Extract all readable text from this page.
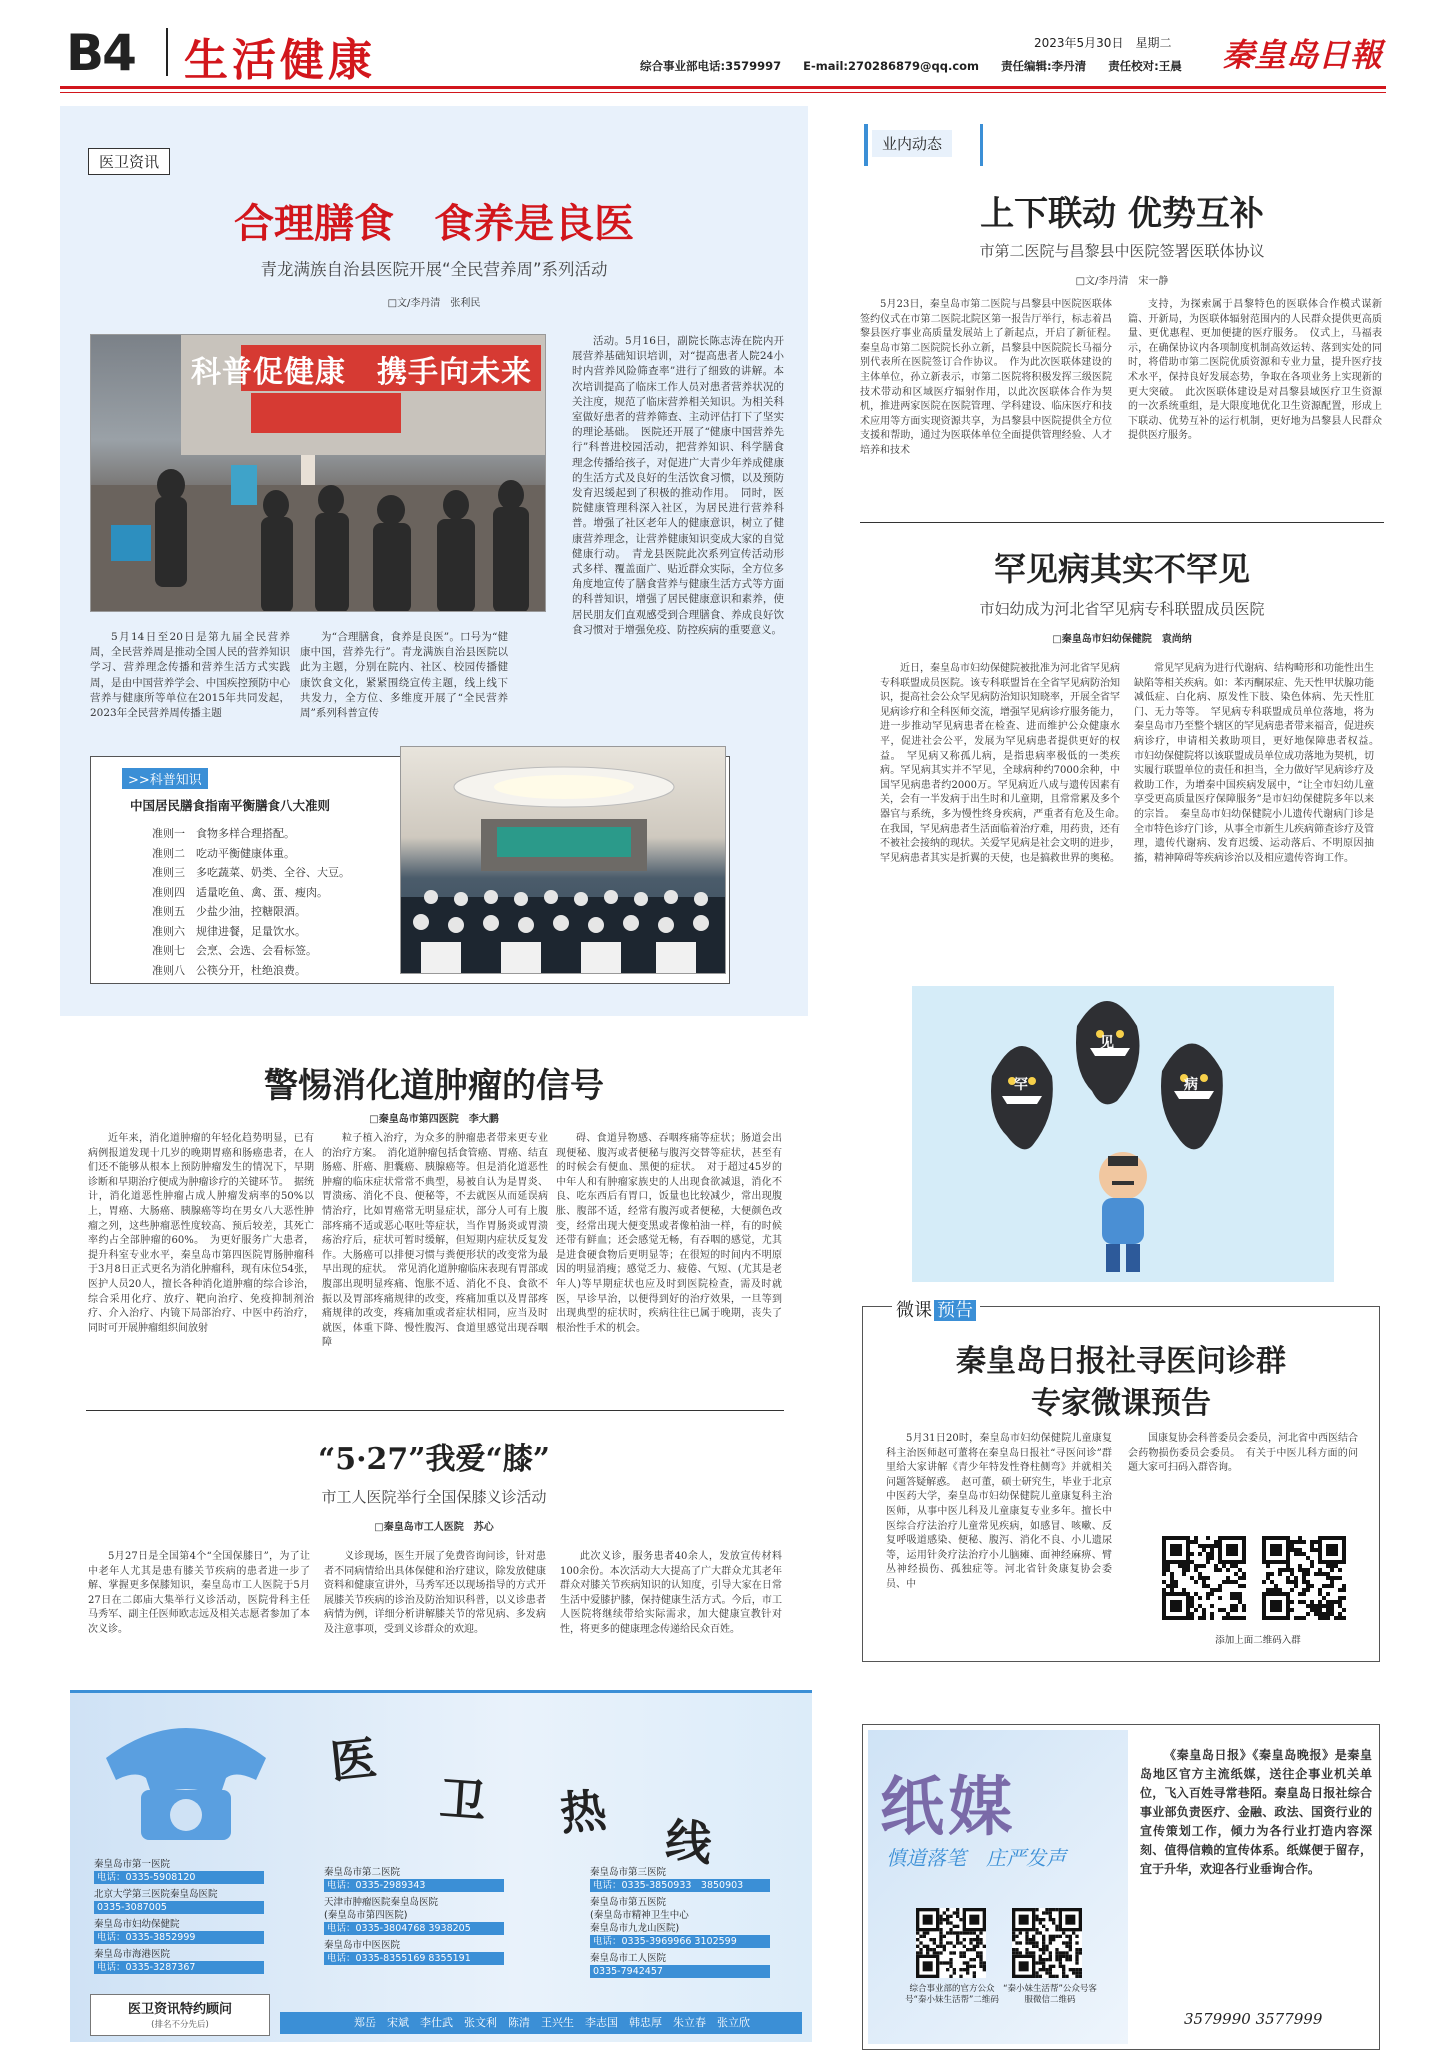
B4 生活健康	2023年5月30日　星期二
综合事业部电话:3579997 E-mail:270286879@qq.com 责任编辑:李丹清 责任校对:王晨	秦皇岛日報
医卫资讯
合理膳食　食养是良医
青龙满族自治县医院开展“全民营养周”系列活动
□文/李丹清　张利民
科普促健康　携手向未来
活动。5月16日，副院长陈志涛在院内开展营养基础知识培训，对“提高患者人院24小时内营养风险筛查率”进行了细致的讲解。本次培训提高了临床工作人员对患者营养状况的关注度，规范了临床营养相关知识。为相关科室做好患者的营养筛查、主动评估打下了坚实的理论基础。　医院还开展了“健康中国营养先行”科普进校园活动，把营养知识、科学膳食理念传播给孩子，对促进广大青少年养成健康的生活方式及良好的生活饮食习惯，以及预防发育迟缓起到了积极的推动作用。　同时，医院健康管理科深入社区，为居民进行营养科普。增强了社区老年人的健康意识，树立了健康营养理念，让营养健康知识变成大家的自觉健康行动。　青龙县医院此次系列宣传活动形式多样、覆盖面广、贴近群众实际，全方位多角度地宣传了膳食营养与健康生活方式等方面的科普知识，增强了居民健康意识和素养，使居民朋友们直观感受到合理膳食、养成良好饮食习惯对于增强免疫、防控疾病的重要意义。
5月14日至20日是第九届全民营养周，全民营养周是推动全国人民的营养知识学习、营养理念传播和营养生活方式实践周，是由中国营养学会、中国疾控预防中心营养与健康所等单位在2015年共同发起，2023年全民营养周传播主题
为“合理膳食，食养是良医”。口号为“健康中国，营养先行”。青龙满族自治县医院以此为主题，分别在院内、社区、校园传播健康饮食文化，紧紧围绕宣传主题，线上线下共发力，全方位、多维度开展了“全民营养周”系列科普宣传
>>科普知识
中国居民膳食指南平衡膳食八大准则
准则一　食物多样合理搭配。
准则二　吃动平衡健康体重。
准则三　多吃蔬菜、奶类、全谷、大豆。
准则四　适量吃鱼、禽、蛋、瘦肉。
准则五　少盐少油，控糖限酒。
准则六　规律进餐，足量饮水。
准则七　会烹、会选、会看标签。
准则八　公筷分开，杜绝浪费。
业内动态
上下联动 优势互补
市第二医院与昌黎县中医院签署医联体协议
□文/李丹清　宋一静
5月23日，秦皇岛市第二医院与昌黎县中医院医联体签约仪式在市第二医院北院区第一报告厅举行，标志着昌黎县医疗事业高质量发展站上了新起点，开启了新征程。　秦皇岛市第二医院院长孙立新，昌黎县中医院院长马福分别代表所在医院签订合作协议。　作为此次医联体建设的主体单位，孙立新表示，市第二医院将积极发挥三级医院技术带动和区域医疗辐射作用，以此次医联体合作为契机，推进两家医院在医院管理、学科建设、临床医疗和技术应用等方面实现资源共享，为昌黎县中医院提供全方位支援和帮助，通过为医联体单位全面提供管理经验、人才培养和技术
支持，为探索属于昌黎特色的医联体合作模式谋新篇、开新局，为医联体辐射范围内的人民群众提供更高质量、更优惠程、更加便捷的医疗服务。　仪式上，马福表示，在确保协议内各项制度机制高效运转、落到实处的同时，将借助市第二医院优质资源和专业力量，提升医疗技术水平，保持良好发展态势，争取在各项业务上实现新的更大突破。　此次医联体建设是对昌黎县域医疗卫生资源的一次系统重组，是大限度地优化卫生资源配置，形成上下联动、优势互补的运行机制，更好地为昌黎县人民群众提供医疗服务。
罕见病其实不罕见
市妇幼成为河北省罕见病专科联盟成员医院
□秦皇岛市妇幼保健院　袁尚纳
近日，秦皇岛市妇幼保健院被批准为河北省罕见病专科联盟成员医院。该专科联盟旨在全省罕见病防治知识，提高社会公众罕见病防治知识知晓率，开展全省罕见病诊疗和全科医师交流，增强罕见病诊疗服务能力，进一步推动罕见病患者在检查、进而维护公众健康水平，促进社会公平，发展为罕见病患者提供更好的权益。　罕见病又称孤儿病，是指患病率极低的一类疾病。罕见病其实并不罕见，全球病种约7000余种，中国罕见病患者约2000万。罕见病近八成与遗传因素有关，会有一半发病于出生时和儿童期，且常常累及多个器官与系统，多为慢性终身疾病，严重者有危及生命。　在我国，罕见病患者生活面临着治疗难，用药贵，还有不被社会接纳的现状。关爱罕见病是社会文明的进步，罕见病患者其实是折翼的天使，也是搞救世界的奥秘。
常见罕见病为进行代谢病、结构畸形和功能性出生缺陷等相关疾病。如：苯丙酮尿症、先天性甲状腺功能减低症、白化病、原发性下肢、染色体病、先天性肛门、无力等等。　罕见病专科联盟成员单位落地，将为秦皇岛市乃至整个辖区的罕见病患者带来福音，促进疾病诊疗，申请相关救助项目，更好地保障患者权益。　市妇幼保健院将以该联盟成员单位成功落地为契机，切实履行联盟单位的责任和担当，全力做好罕见病诊疗及救助工作，为增秦中国疾病发展中，“让全市妇幼儿童享受更高质量医疗保障服务”是市妇幼保健院多年以来的宗旨。　秦皇岛市妇幼保健院小儿遗传代谢病门诊是全市特色诊疗门诊，从事全市新生儿疾病筛查诊疗及管理，遗传代谢病、发育迟缓、运动落后、不明原因抽搐，精神障碍等疾病诊治以及相应遗传咨询工作。
罕
见
病
警惕消化道肿瘤的信号
□秦皇岛市第四医院　李大鹏
近年来，消化道肿瘤的年轻化趋势明显，已有病例报道发现十几岁的晚期胃癌和肠癌患者，在人们还不能够从根本上预防肿瘤发生的情况下，早期诊断和早期治疗便成为肿瘤诊疗的关键环节。　据统计，消化道恶性肿瘤占成人肿瘤发病率的50%以上，胃癌、大肠癌、胰腺癌等均在男女八大恶性肿瘤之列，这些肿瘤恶性度较高、预后较差，其死亡率约占全部肿瘤的60%。　为更好服务广大患者，提升科室专业水平，秦皇岛市第四医院胃肠肿瘤科于3月8日正式更名为消化肿瘤科，现有床位54张，医护人员20人，擅长各种消化道肿瘤的综合诊治，综合采用化疗、放疗、靶向治疗、免疫抑制剂治疗、介入治疗、内镜下局部治疗、中医中药治疗，同时可开展肿瘤组织间放射
粒子植入治疗，为众多的肿瘤患者带来更专业的治疗方案。　消化道肿瘤包括食管癌、胃癌、结直肠癌、肝癌、胆囊癌、胰腺癌等。但是消化道恶性肿瘤的临床症状常常不典型，易被自认为是胃炎、胃溃疡、消化不良、便秘等，不去就医从而延误病情治疗，比如胃癌常无明显症状，部分人可有上腹部疼痛不适或恶心呕吐等症状，当作胃肠炎或胃溃疡治疗后，症状可暂时缓解，但短期内症状反复发作。大肠癌可以排便习惯与粪便形状的改变常为最早出现的症状。　常见消化道肿瘤临床表现有胃部或腹部出现明显疼痛、饱胀不适、消化不良、食欲不振以及胃部疼痛规律的改变，疼痛加重以及胃部疼痛规律的改变，疼痛加重或者症状相同，应当及时就医，体重下降、慢性腹泻、食道里感觉出现吞咽障
碍、食道异物感、吞咽疼痛等症状；肠道会出现便秘、腹泻或者便秘与腹泻交替等症状，甚至有的时候会有便血、黑便的症状。　对于超过45岁的中年人和有肿瘤家族史的人出现食欲减退，消化不良、吃东西后有胃口，饭量也比较减少，常出现腹胀、腹部不适，经常有腹泻或者便秘，大便颜色改变，经常出现大便变黑或者像柏油一样，有的时候还带有鲜血；还会感觉无畅，有吞咽的感觉，尤其是进食硬食物后更明显等；在很短的时间内不明原因的明显消瘦；感觉乏力、疲倦、气短、(尤其是老年人)等早期症状也应及时到医院检查，需及时就医，早诊早治，以便得到好的治疗效果，一旦等到出现典型的症状时，疾病往往已属于晚期，丧失了根治性手术的机会。
“5·27”我爱“膝”
市工人医院举行全国保膝义诊活动
□秦皇岛市工人医院　苏心
5月27日是全国第4个“全国保膝日”，为了让中老年人尤其是患有膝关节疾病的患者进一步了解、掌握更多保膝知识，秦皇岛市工人医院于5月27日在二郎庙大集举行义诊活动，医院骨科主任马秀军、副主任医师欧志远及相关志愿者参加了本次义诊。
义诊现场，医生开展了免费咨询问诊，针对患者不同病情给出具体保健和治疗建议，除发放健康资料和健康宣讲外，马秀军还以现场指导的方式开展膝关节疾病的诊治及防治知识科普，以义诊患者病情为例，详细分析讲解膝关节的常见病、多发病及注意事项，受到义诊群众的欢迎。
此次义诊，服务患者40余人，发放宣传材料100余份。本次活动大大提高了广大群众尤其老年群众对膝关节疾病知识的认知度，引导大家在日常生活中爱膝护膝，保持健康生活方式。今后，市工人医院将继续带给实际需求，加大健康宣教针对性，将更多的健康理念传递给民众百姓。
医
卫 热
线
秦皇岛市第一医院
电话：0335-5908120
北京大学第三医院秦皇岛医院
0335-3087005
秦皇岛市妇幼保健院
电话：0335-3852999
秦皇岛市海港医院
电话：0335-3287367
秦皇岛市第二医院
电话：0335-2989343
天津市肿瘤医院秦皇岛医院
(秦皇岛市第四医院)
电话：0335-3804768 3938205
秦皇岛市中医医院
电话：0335-8355169 8355191
秦皇岛市第三医院
电话：0335-3850933　3850903
秦皇岛市第五医院
(秦皇岛市精神卫生中心
秦皇岛市九龙山医院)
电话：0335-3969966 3102599
秦皇岛市工人医院
0335-7942457
医卫资讯特约顾问
(排名不分先后)	郑岳　宋斌　李仕武　张文利　陈清　王兴生　李志国　韩忠厚　朱立春　张立欣
微课 预告
秦皇岛日报社寻医问诊群
专家微课预告
5月31日20时，秦皇岛市妇幼保健院儿童康复科主治医师赵可董将在秦皇岛日报社“寻医问诊”群里给大家讲解《青少年特发性脊柱侧弯》并就相关问题答疑解惑。　赵可董，硕士研究生，毕业于北京中医药大学，秦皇岛市妇幼保健院儿童康复科主治医师，从事中医儿科及儿童康复专业多年。擅长中医综合疗法治疗儿童常见疾病，如感冒、咳嗽、反复呼吸道感染、便秘、腹泻、消化不良、小儿遗尿等，运用针灸疗法治疗小儿脑瘫、面神经麻痹、臂丛神经损伤、孤独症等。河北省针灸康复协会委员、中
国康复协会科普委员会委员，河北省中西医结合会药物损伤委员会委员。　有关于中医儿科方面的问题大家可扫码入群咨询。
添加上面二维码入群
纸媒
慎道落笔　庄严发声
综合事业部的官方公众号“秦小妹生活帮”二维码
“秦小妹生活帮”公众号客服微信二维码
《秦皇岛日报》《秦皇岛晚报》是秦皇岛地区官方主流纸媒，送往企事业机关单位，飞入百姓寻常巷陌。秦皇岛日报社综合事业部负责医疗、金融、政法、国资行业的宣传策划工作，倾力为各行业打造内容深刻、值得信赖的宣传体系。纸媒便于留存，宜于升华，欢迎各行业垂询合作。
3579990 3577999
